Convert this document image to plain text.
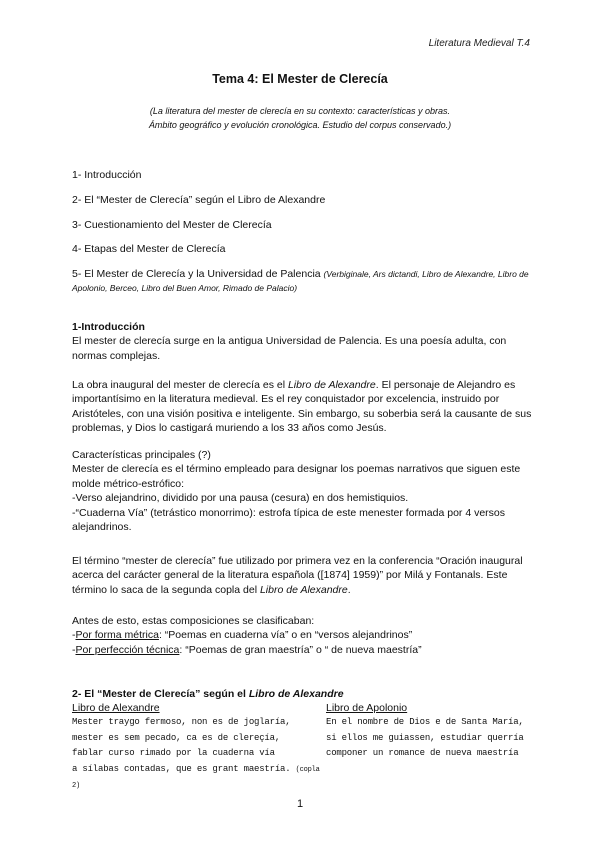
Literatura Medieval T.4
Tema 4: El Mester de Clerecía
(La literatura del mester de clerecía en su contexto: características y obras.
Ámbito geográfico y evolución cronológica. Estudio del corpus conservado.)
1- Introducción
2- El “Mester de Clerecía” según el Libro de Alexandre
3- Cuestionamiento del Mester de Clerecía
4- Etapas del Mester de Clerecía
5- El Mester de Clerecía y la Universidad de Palencia (Verbiginale, Ars dictandi, Libro de Alexandre, Libro de Apolonio, Berceo, Libro del Buen Amor, Rimado de Palacio)
1-Introducción
El mester de clerecía surge en la antigua Universidad de Palencia. Es una poesía adulta, con normas complejas.
La obra inaugural del mester de clerecía es el Libro de Alexandre. El personaje de Alejandro es importantísimo en la literatura medieval. Es el rey conquistador por excelencia, instruido por Aristóteles, con una visión positiva e inteligente. Sin embargo, su soberbia será la causante de sus problemas, y Dios lo castigará muriendo a los 33 años como Jesús.
Características principales (?)
Mester de clerecía es el término empleado para designar los poemas narrativos que siguen este molde métrico-estrófico:
-Verso alejandrino, dividido por una pausa (cesura) en dos hemistiquios.
-“Cuaderna Vía” (tetrástico monorrimo): estrofa típica de este menester formada por 4 versos alejandrinos.
El término “mester de clerecía” fue utilizado por primera vez en la conferencia “Oración inaugural acerca del carácter general de la literatura española ([1874] 1959)” por Milá y Fontanals. Este término lo saca de la segunda copla del Libro de Alexandre.
Antes de esto, estas composiciones se clasificaban:
-Por forma métrica: “Poemas en cuaderna vía” o en “versos alejandrinos”
-Por perfección técnica: “Poemas de gran maestría” o “ de nueva maestría”
2- El “Mester de Clerecía” según el Libro de Alexandre
Libro de Alexandre
Mester traygo fermoso, non es de joglaría,
mester es sem pecado, ca es de clereçía,
fablar curso rimado por la cuaderna vía
a sílabas contadas, que es grant maestría. (copla 2)
Libro de Apolonio
En el nombre de Dios e de Santa María,
si ellos me guiassen, estudiar querría
componer un romance de nueva maestría
1
